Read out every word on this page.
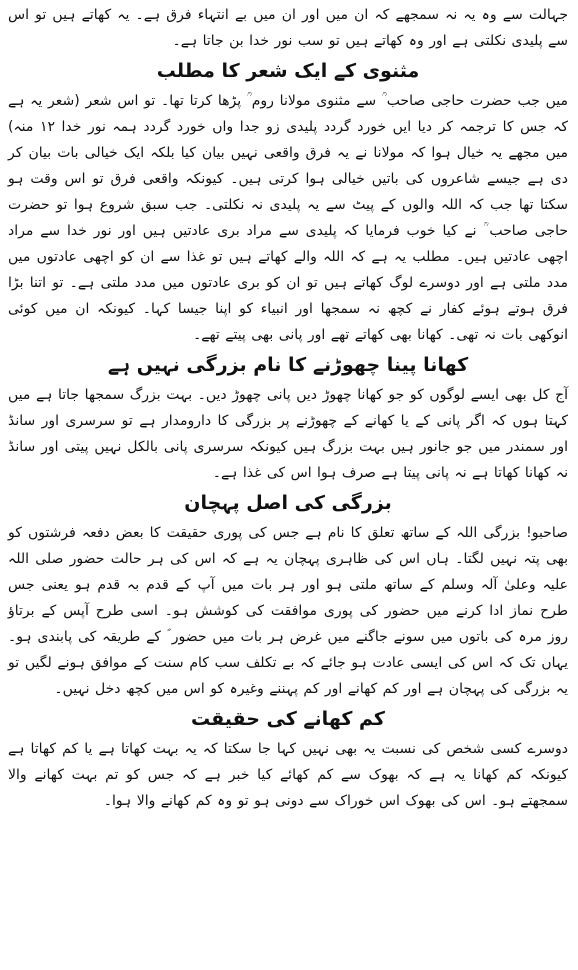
جہالت سے وہ یہ نہ سمجھے کہ ان میں اور ان میں بے انتہاء فرق ہے۔ یہ کھاتے ہیں تو اس سے پلیدی نکلتی ہے اور وہ کھاتے ہیں تو سب نور خدا بن جاتا ہے۔

مثنوی کے ایک شعر کا مطلب

میں جب حضرت حاجی صاحب ؒ سے مثنوی مولانا روم ؒ پڑھا کرتا تھا۔ تو اس شعر (شعر یہ ہے کہ جس کا ترجمہ کر دیا ایں خورد گردد پلیدی زو جدا واں خورد گردد ہمہ نور خدا ۱۲ منہ) میں مجھے یہ خیال ہوا کہ مولانا نے یہ فرق واقعی نہیں بیان کیا بلکہ ایک خیالی بات بیان کر دی ہے جیسے شاعروں کی باتیں خیالی ہوا کرتی ہیں۔ کیونکہ واقعی فرق تو اس وقت ہو سکتا تھا جب کہ اللہ والوں کے پیٹ سے یہ پلیدی نہ نکلتی۔ جب سبق شروع ہوا تو حضرت حاجی صاحب ؒ نے کیا خوب فرمایا کہ پلیدی سے مراد بری عادتیں ہیں اور نور خدا سے مراد اچھی عادتیں ہیں۔ مطلب یہ ہے کہ اللہ والے کھاتے ہیں تو غذا سے ان کو اچھی عادتوں میں مدد ملتی ہے اور دوسرے لوگ کھاتے ہیں تو ان کو بری عادتوں میں مدد ملتی ہے۔ تو اتنا بڑا فرق ہوتے ہوئے کفار نے کچھ نہ سمجھا اور انبیاء کو اپنا جیسا کہا۔ کیونکہ ان میں کوئی انوکھی بات نہ تھی۔ کھانا بھی کھاتے تھے اور پانی بھی پیتے تھے۔

کھانا پینا چھوڑنے کا نام بزرگی نہیں ہے

آج کل بھی ایسے لوگوں کو جو کھانا چھوڑ دیں پانی چھوڑ دیں۔ بہت بزرگ سمجھا جاتا ہے میں کہتا ہوں کہ اگر پانی کے یا کھانے کے چھوڑنے پر بزرگی کا دارومدار ہے تو سرسری اور سانڈ اور سمندر میں جو جانور ہیں بہت بزرگ ہیں کیونکہ سرسری پانی بالکل نہیں پیتی اور سانڈ نہ کھانا کھاتا ہے نہ پانی پیتا ہے صرف ہوا اس کی غذا ہے۔

بزرگی کی اصل پہچان

صاحبو! بزرگی اللہ کے ساتھ تعلق کا نام ہے جس کی پوری حقیقت کا بعض دفعہ فرشتوں کو بھی پتہ نہیں لگتا۔ ہاں اس کی ظاہری پہچان یہ ہے کہ اس کی ہر حالت حضور صلی اللہ علیہ وعلیٰ آلہ وسلم کے ساتھ ملتی ہو اور ہر بات میں آپ کے قدم بہ قدم ہو یعنی جس طرح نماز ادا کرنے میں حضور کی پوری موافقت کی کوشش ہو۔ اسی طرح آپس کے برتاؤ روز مرہ کی باتوں میں سونے جاگنے میں غرض ہر بات میں حضور ؐ کے طریقہ کی پابندی ہو۔ یہاں تک کہ اس کی ایسی عادت ہو جائے کہ بے تکلف سب کام سنت کے موافق ہونے لگیں تو یہ بزرگی کی پہچان ہے اور کم کھانے اور کم پہننے وغیرہ کو اس میں کچھ دخل نہیں۔

کم کھانے کی حقیقت

دوسرے کسی شخص کی نسبت یہ بھی نہیں کہا جا سکتا کہ یہ بہت کھاتا ہے یا کم کھاتا ہے کیونکہ کم کھانا یہ ہے کہ بھوک سے کم کھائے کیا خبر ہے کہ جس کو تم بہت کھانے والا سمجھتے ہو۔ اس کی بھوک اس خوراک سے دونی ہو تو وہ کم کھانے والا ہوا۔
